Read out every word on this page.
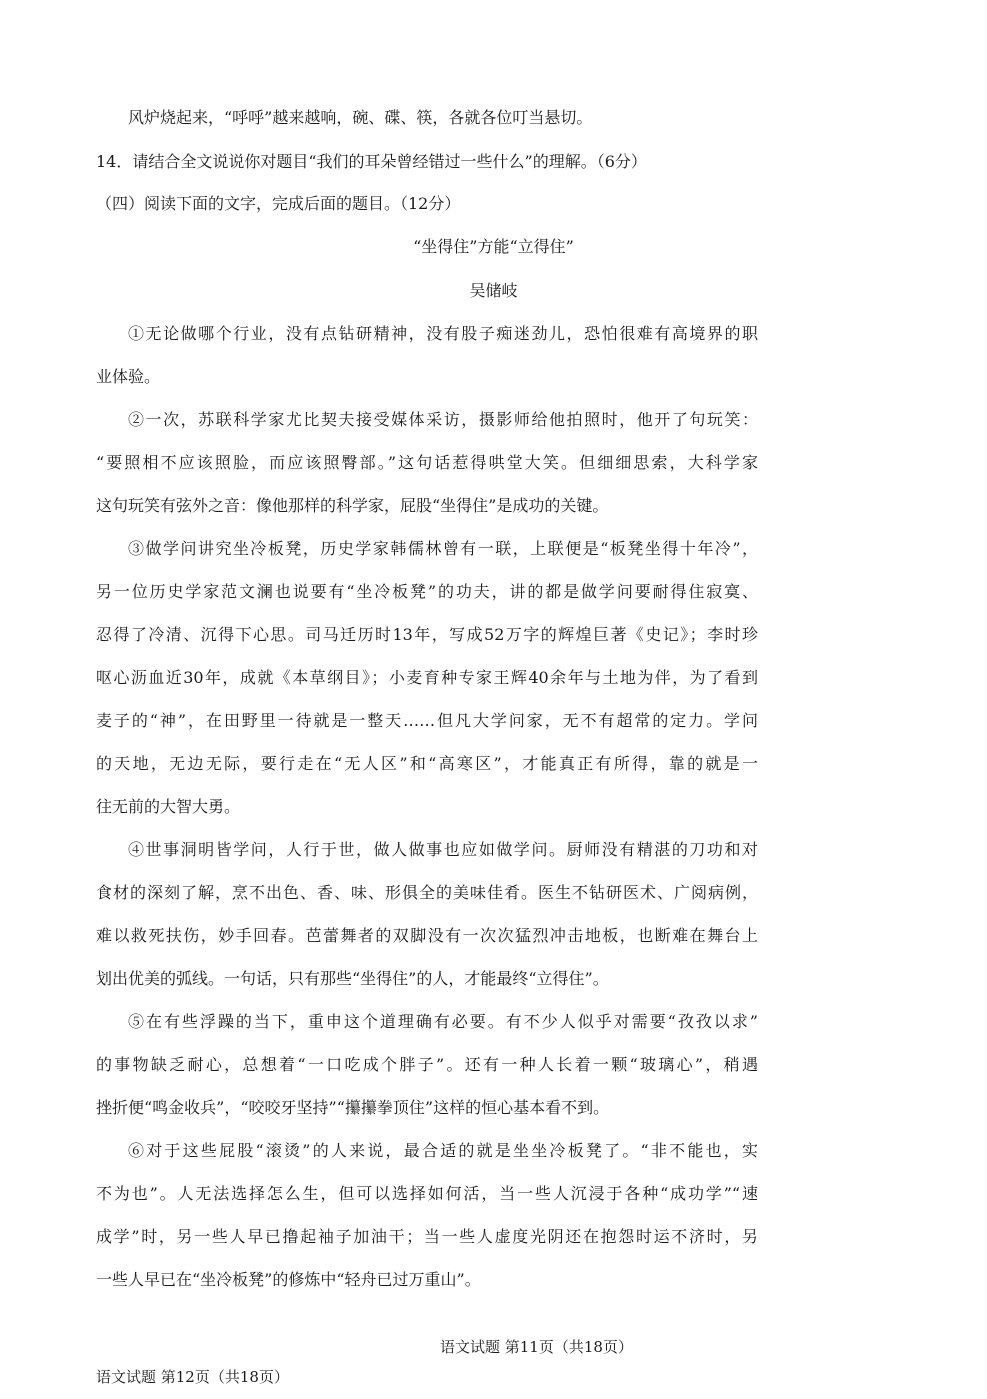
风炉烧起来，“呼呼”越来越响，碗、碟、筷，各就各位叮当悬切。
14．请结合全文说说你对题目“我们的耳朵曾经错过一些什么”的理解。（6分）
（四）阅读下面的文字，完成后面的题目。（12分）
“坐得住”方能“立得住”
吴储岐
①无论做哪个行业，没有点钻研精神，没有股子痴迷劲儿，恐怕很难有高境界的职
业体验。
②一次，苏联科学家尤比契夫接受媒体采访，摄影师给他拍照时，他开了句玩笑：
“要照相不应该照脸，而应该照臀部。”这句话惹得哄堂大笑。但细细思索，大科学家
这句玩笑有弦外之音：像他那样的科学家，屁股“坐得住”是成功的关键。
③做学问讲究坐冷板凳，历史学家韩儒林曾有一联，上联便是“板凳坐得十年冷”，
另一位历史学家范文澜也说要有“坐冷板凳”的功夫，讲的都是做学问要耐得住寂寞、
忍得了冷清、沉得下心思。司马迁历时13年，写成52万字的辉煌巨著《史记》；李时珍
呕心沥血近30年，成就《本草纲目》；小麦育种专家王辉40余年与土地为伴，为了看到
麦子的“神”，在田野里一待就是一整天……但凡大学问家，无不有超常的定力。学问
的天地，无边无际，要行走在“无人区”和“高寒区”，才能真正有所得，靠的就是一
往无前的大智大勇。
④世事洞明皆学问，人行于世，做人做事也应如做学问。厨师没有精湛的刀功和对
食材的深刻了解，烹不出色、香、味、形俱全的美味佳肴。医生不钻研医术、广阅病例，
难以救死扶伤，妙手回春。芭蕾舞者的双脚没有一次次猛烈冲击地板，也断难在舞台上
划出优美的弧线。一句话，只有那些“坐得住”的人，才能最终“立得住”。
⑤在有些浮躁的当下，重申这个道理确有必要。有不少人似乎对需要“孜孜以求”
的事物缺乏耐心，总想着“一口吃成个胖子”。还有一种人长着一颗“玻璃心”，稍遇
挫折便“鸣金收兵”，“咬咬牙坚持”“攥攥拳顶住”这样的恒心基本看不到。
⑥对于这些屁股“滚烫”的人来说，最合适的就是坐坐冷板凳了。“非不能也，实
不为也”。人无法选择怎么生，但可以选择如何活，当一些人沉浸于各种“成功学”“速
成学”时，另一些人早已撸起袖子加油干；当一些人虚度光阴还在抱怨时运不济时，另
一些人早已在“坐冷板凳”的修炼中“轻舟已过万重山”。
语文试题 第11页（共18页）
语文试题 第12页（共18页）
